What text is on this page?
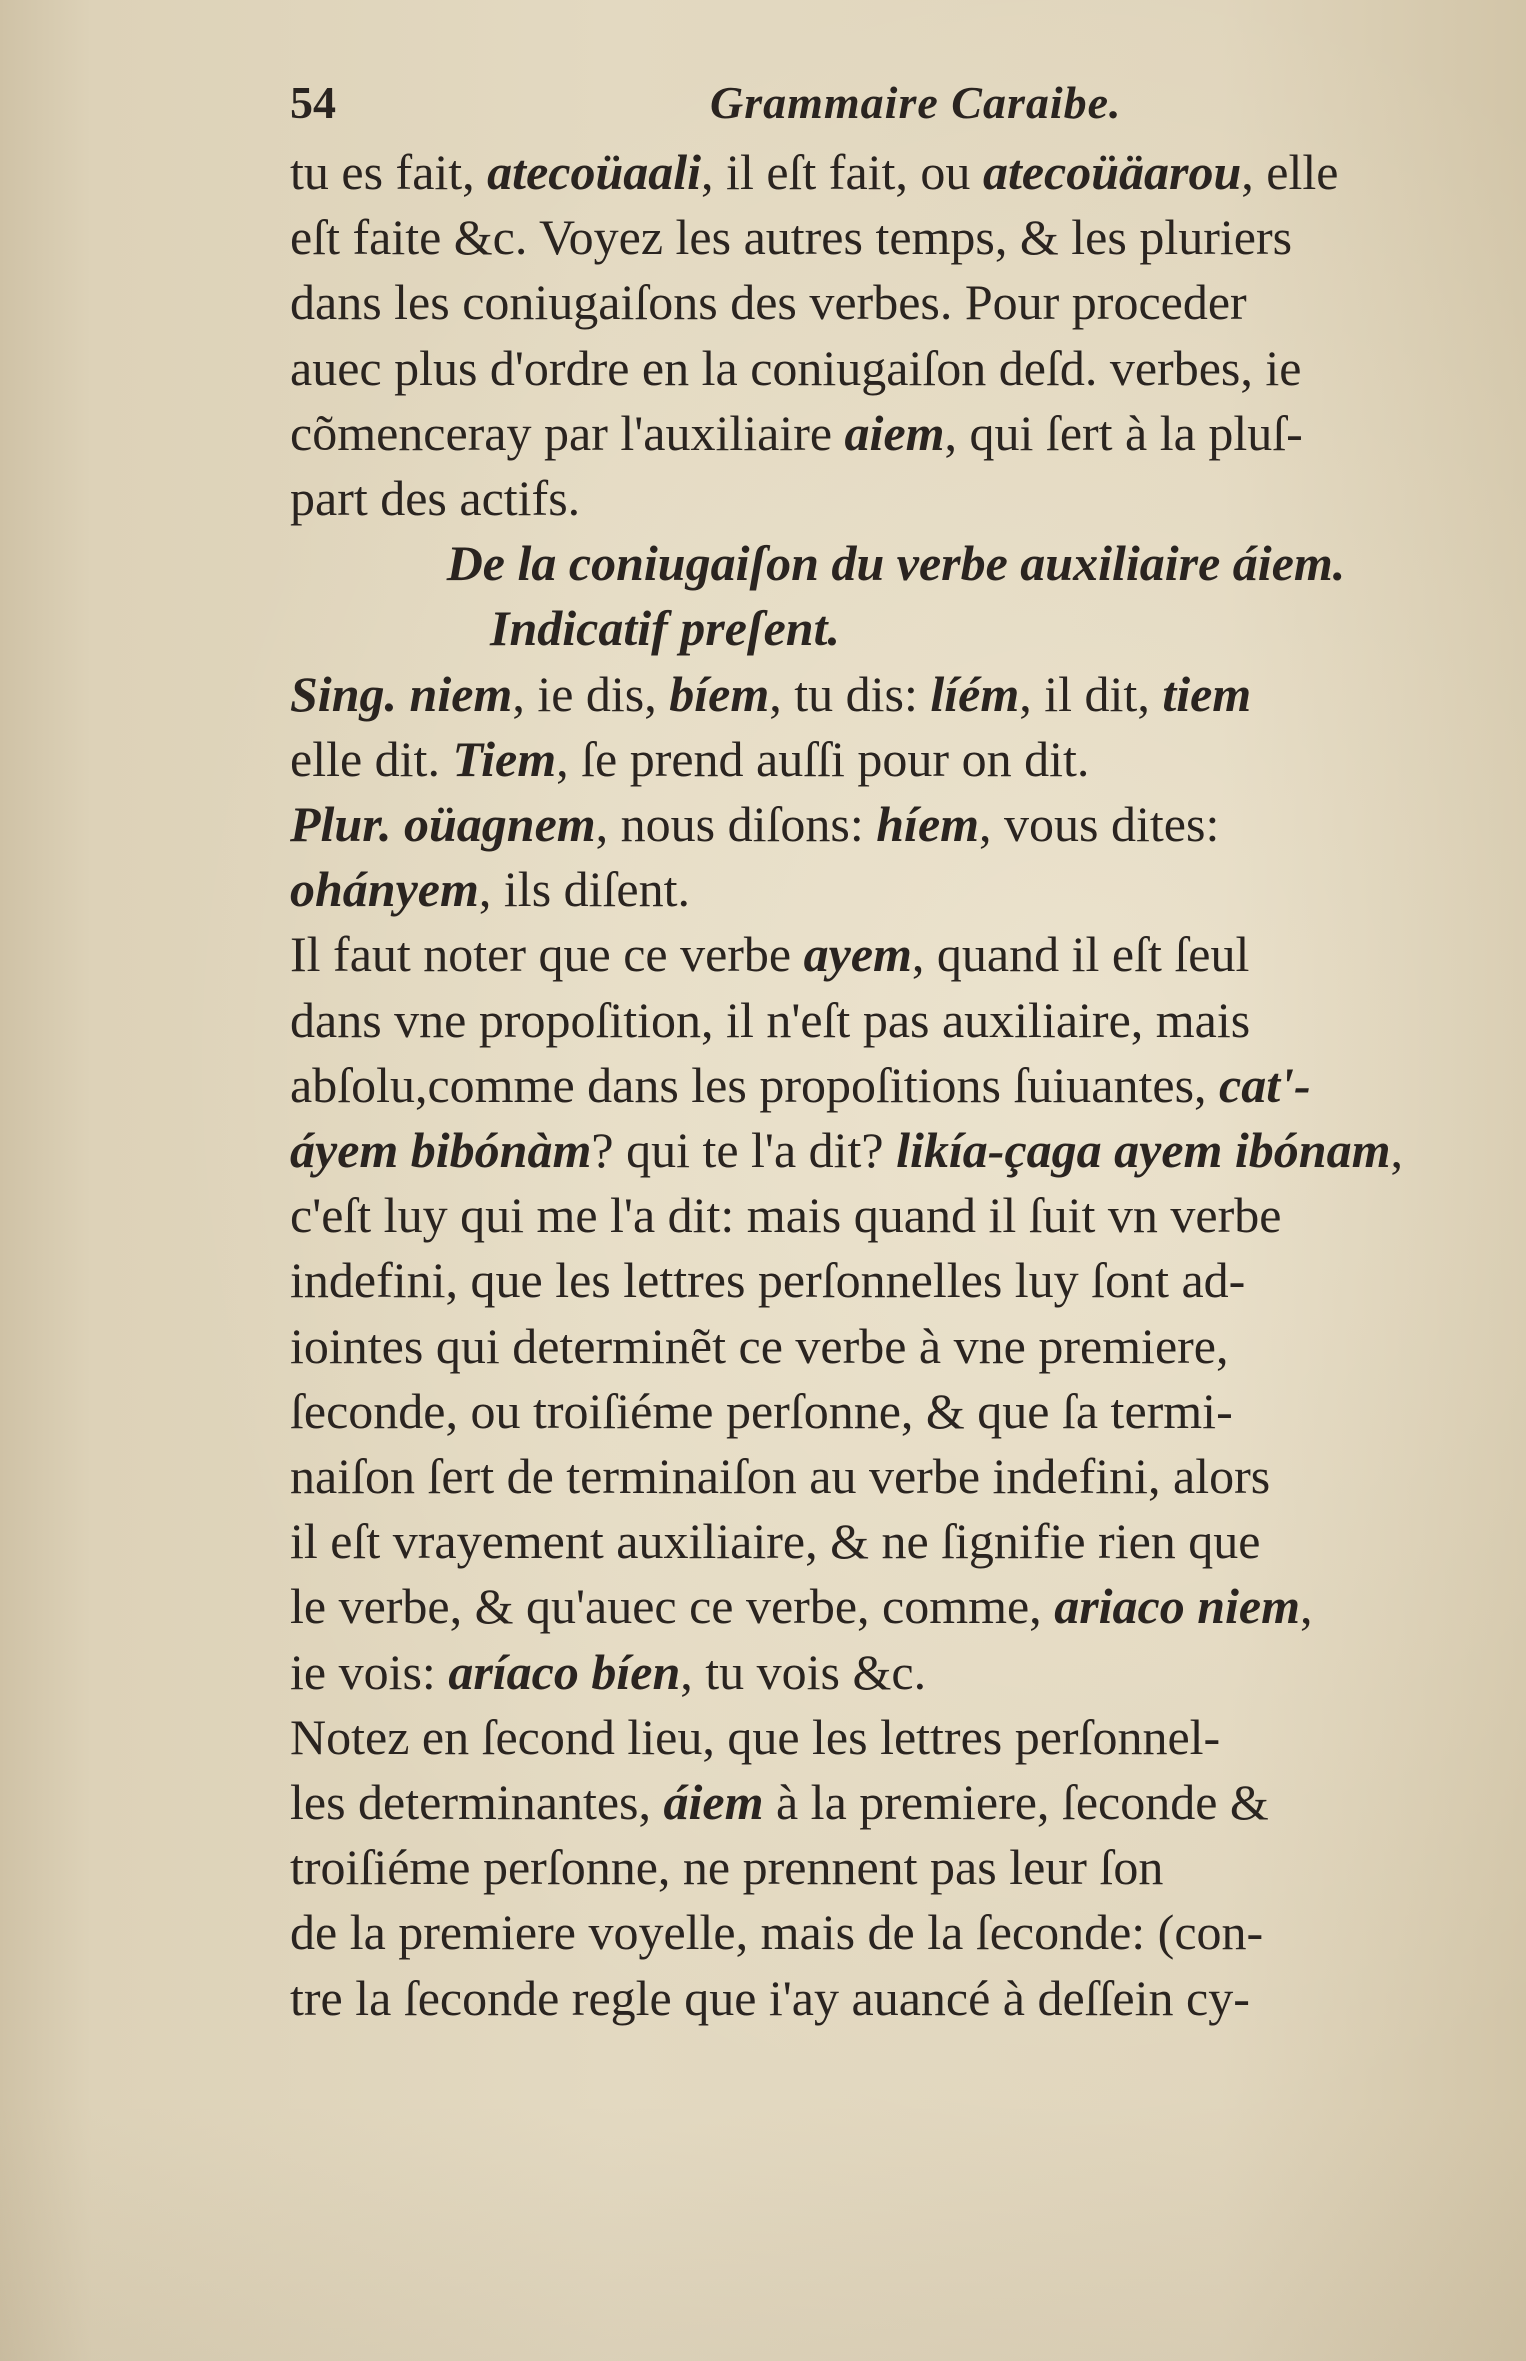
54	Grammaire Caraibe.
tu es fait, atecoüaali, il eſt fait, ou atecoüäarou, elle
eſt faite &c. Voyez les autres temps, & les pluriers
dans les coniugaiſons des verbes. Pour proceder
auec plus d'ordre en la coniugaiſon deſd. verbes, ie
cõmenceray par l'auxiliaire aiem, qui ſert à la pluſ-
part des actifs.
De la coniugaiſon du verbe auxiliaire áiem.
Indicatif preſent.
Sing. niem, ie dis, bíem, tu dis: líém, il dit, tiem
elle dit. Tiem, ſe prend auſſi pour on dit.
Plur. oüagnem, nous diſons: híem, vous dites:
ohányem, ils diſent.
Il faut noter que ce verbe ayem, quand il eſt ſeul
dans vne propoſition, il n'eſt pas auxiliaire, mais
abſolu,comme dans les propoſitions ſuiuantes, cat'-
áyem bibónàm? qui te l'a dit? likía-çaga ayem ibónam,
c'eſt luy qui me l'a dit: mais quand il ſuit vn verbe
indefini, que les lettres perſonnelles luy ſont ad-
iointes qui determinẽt ce verbe à vne premiere,
ſeconde, ou troiſiéme perſonne, & que ſa termi-
naiſon ſert de terminaiſon au verbe indefini, alors
il eſt vrayement auxiliaire, & ne ſignifie rien que
le verbe, & qu'auec ce verbe, comme, ariaco niem,
ie vois: aríaco bíen, tu vois &c.
Notez en ſecond lieu, que les lettres perſonnel-
les determinantes, áiem à la premiere, ſeconde &
troiſiéme perſonne, ne prennent pas leur ſon
de la premiere voyelle, mais de la ſeconde: (con-
tre la ſeconde regle que i'ay auancé à deſſein cy-
